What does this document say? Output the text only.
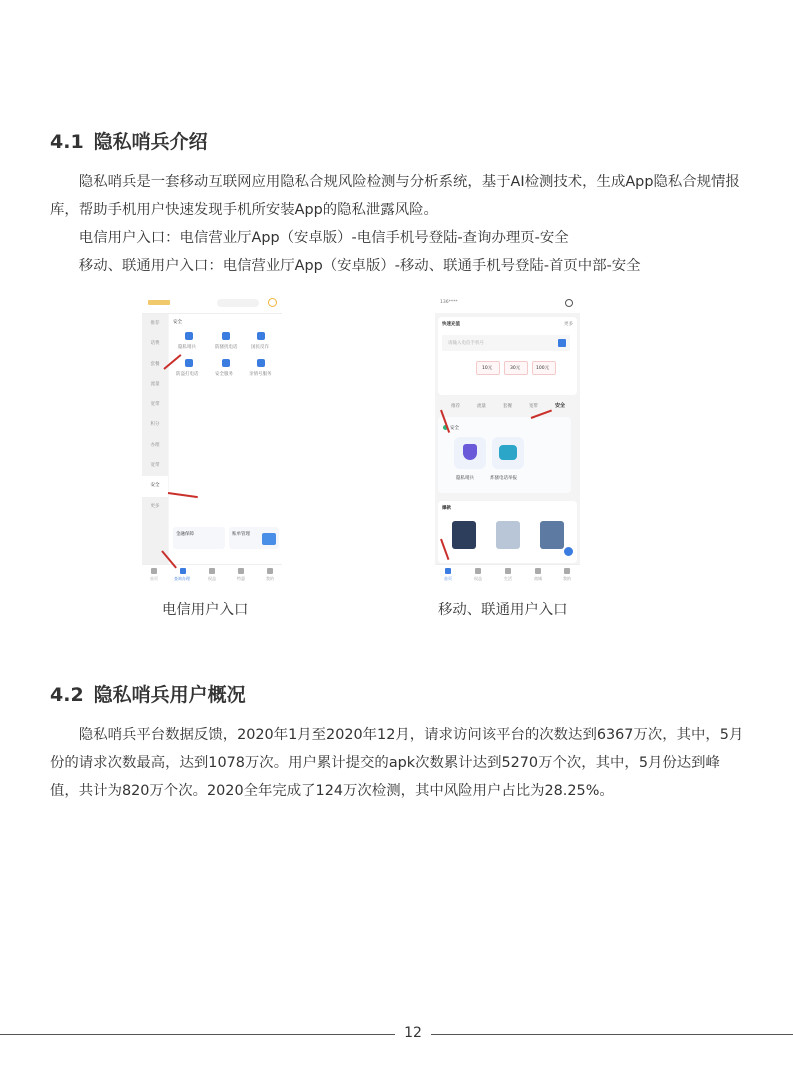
4.1 隐私哨兵介绍

隐私哨兵是一套移动互联网应用隐私合规风险检测与分析系统，基于AI检测技术，生成App隐私合规情报库，帮助手机用户快速发现手机所安装App的隐私泄露风险。

电信用户入口：电信营业厅App（安卓版）-电信手机号登陆-查询办理页-安全
移动、联通用户入口：电信营业厅App（安卓版）-移动、联通手机号登陆-首页中部-安全
推荐
话费
套餐
流量
宽带
积分
办理
宽带
安全
更多
安全
隐私哨兵	防骚扰电话	国民反诈
防盗打电话	安全服务	亲情号服务
金融保障	账单管理
首页	查询办理	权益	特惠	我的
电信用户入口
136****
快速充值	更多
请输入电信手机号
10元	30元	100元
推荐	流量	套餐	宽带	安全
安全
隐私哨兵	炸骚电话举报
爆款
首页	权益	生活	商城	我的
移动、联通用户入口
4.2 隐私哨兵用户概况

隐私哨兵平台数据反馈，2020年1月至2020年12月，请求访问该平台的次数达到6367万次，其中，5月份的请求次数最高，达到1078万次。用户累计提交的apk次数累计达到5270万个次，其中，5月份达到峰值，共计为820万个次。2020全年完成了124万次检测，其中风险用户占比为28.25%。

12
